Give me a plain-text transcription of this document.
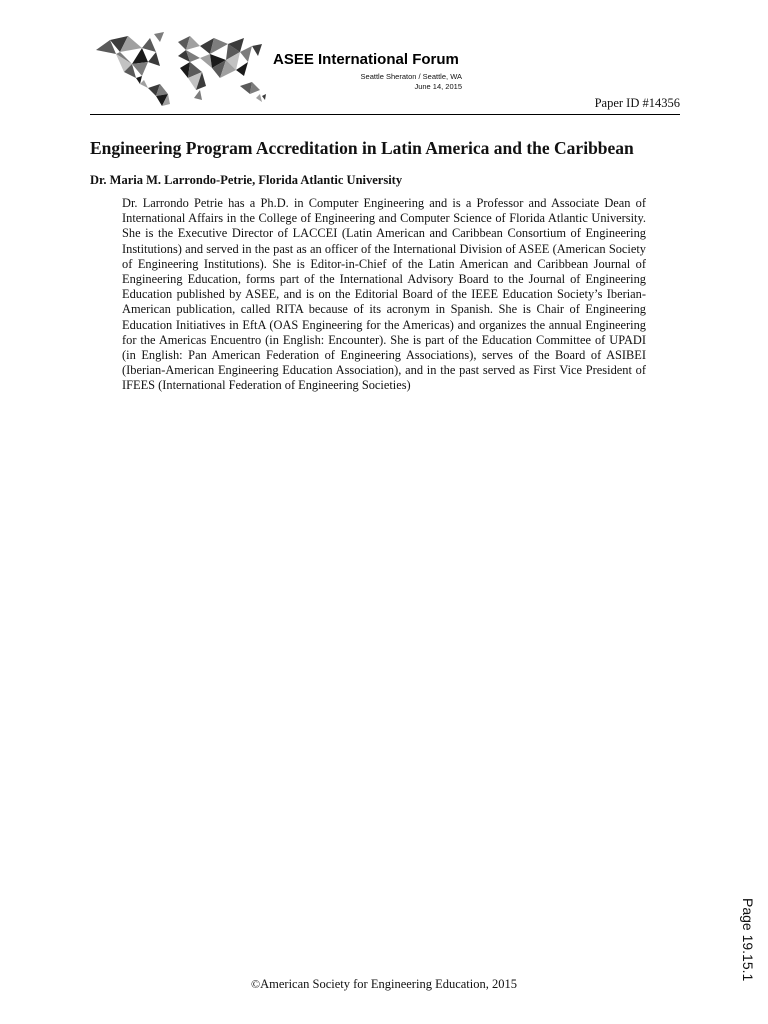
ASEE International Forum
Seattle Sheraton / Seattle, WA
June 14, 2015
Paper ID #14356
Engineering Program Accreditation in Latin America and the Caribbean
Dr. Maria M. Larrondo-Petrie, Florida Atlantic University

Dr. Larrondo Petrie has a Ph.D. in Computer Engineering and is a Professor and Associate Dean of International Affairs in the College of Engineering and Computer Science of Florida Atlantic University. She is the Executive Director of LACCEI (Latin American and Caribbean Consortium of Engineering Institutions) and served in the past as an officer of the International Division of ASEE (American Society of Engineering Institutions). She is Editor-in-Chief of the Latin American and Caribbean Journal of Engineering Education, forms part of the International Advisory Board to the Journal of Engineering Education published by ASEE, and is on the Editorial Board of the IEEE Education Society’s Iberian-American publication, called RITA because of its acronym in Spanish. She is Chair of Engineering Education Initiatives in EftA (OAS Engineering for the Americas) and organizes the annual Engineering for the Americas Encuentro (in English: Encounter). She is part of the Education Committee of UPADI (in English: Pan American Federation of Engineering Associations), serves of the Board of ASIBEI (Iberian-American Engineering Education Association), and in the past served as First Vice President of IFEES (International Federation of Engineering Societies)

Page 19.15.1
©American Society for Engineering Education, 2015
